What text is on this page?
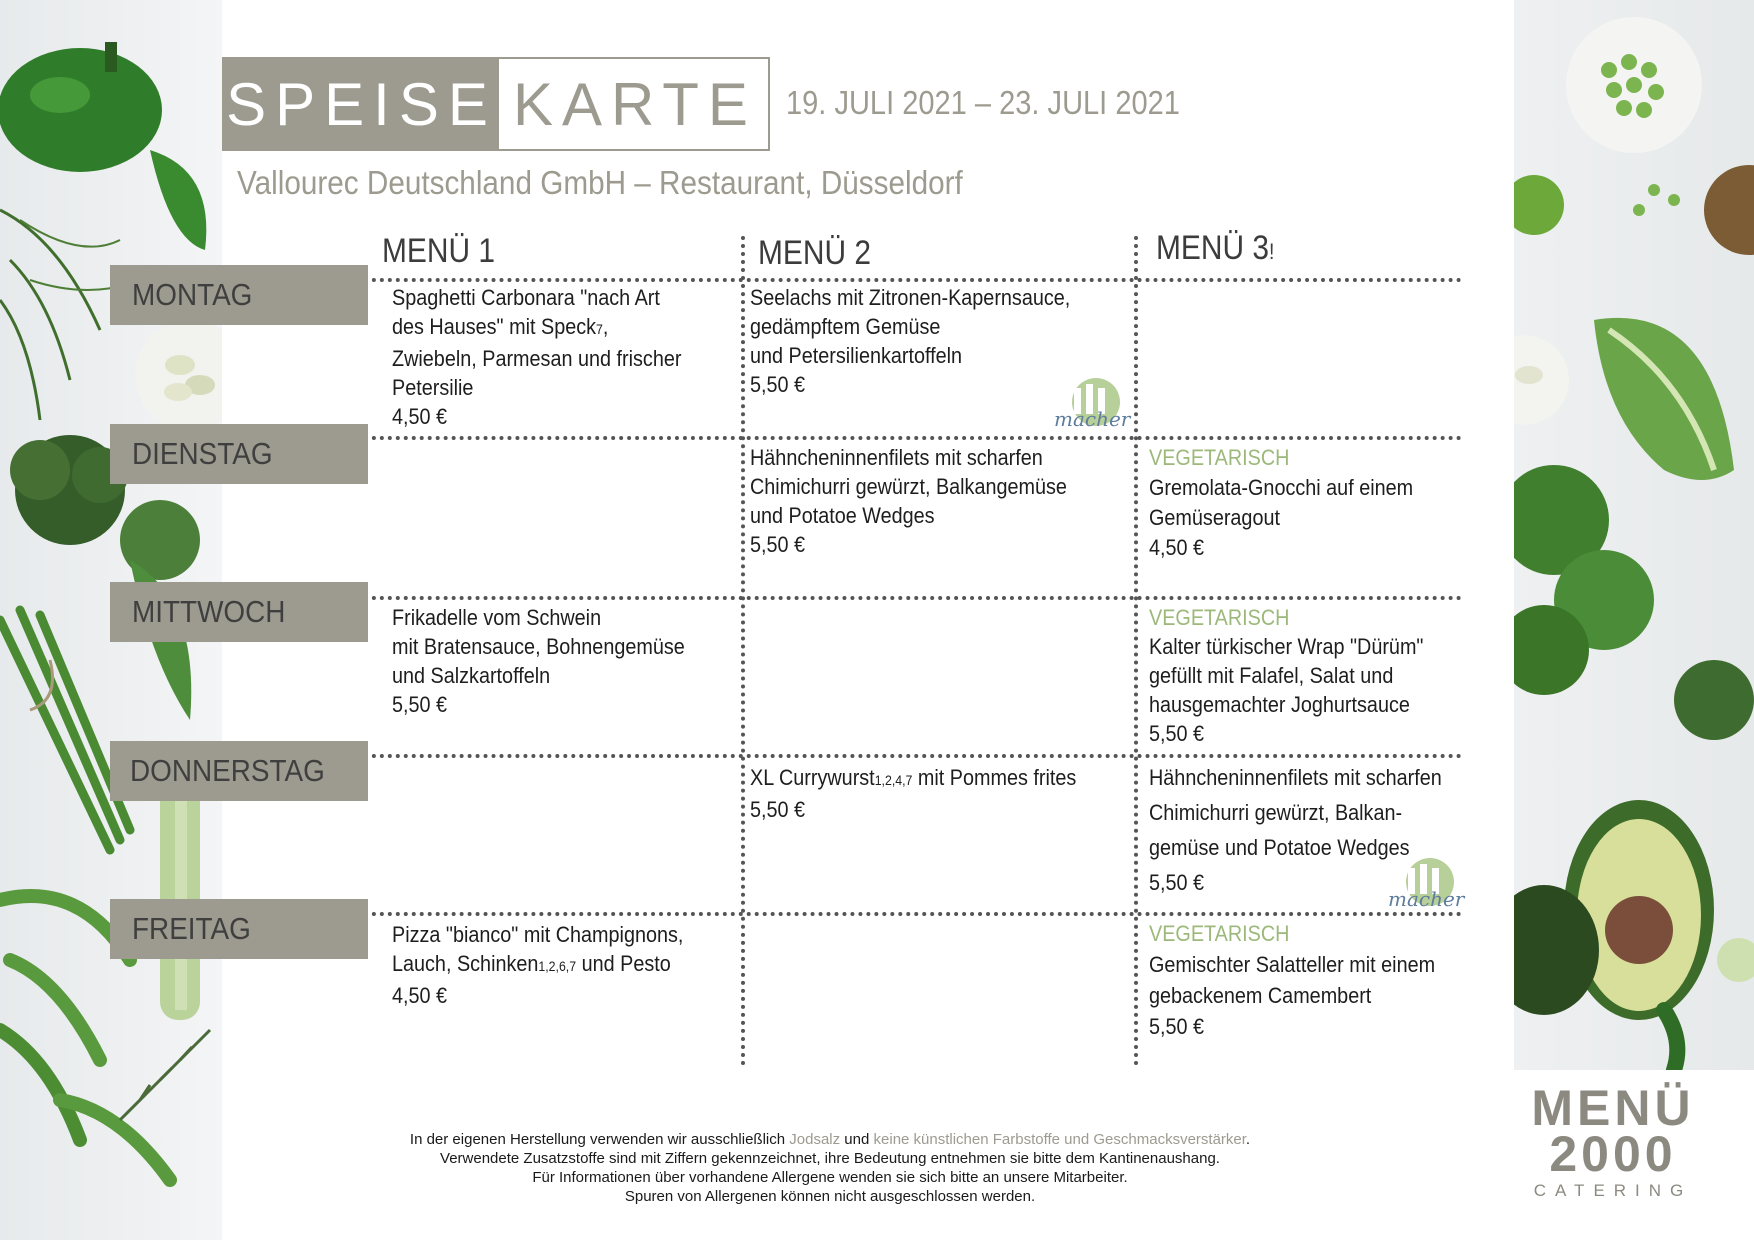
SPEISE KARTE 19. JULI 2021 – 23. JULI 2021
Vallourec Deutschland GmbH – Restaurant, Düsseldorf
MENÜ 1	MENÜ 2	MENÜ 3!
MONTAG
DIENSTAG
MITTWOCH
DONNERSTAG
FREITAG
Spaghetti Carbonara "nach Art
des Hauses" mit Speck7,
Zwiebeln, Parmesan und frischer
Petersilie
4,50 €
Seelachs mit Zitronen-Kapernsauce,
gedämpftem Gemüse
und Petersilienkartoffeln
5,50 €
macher
Hähncheninnenfilets mit scharfen
Chimichurri gewürzt, Balkangemüse
und Potatoe Wedges
5,50 €
VEGETARISCH
Gremolata-Gnocchi auf einem
Gemüseragout
4,50 €
Frikadelle vom Schwein
mit Bratensauce, Bohnengemüse
und Salzkartoffeln
5,50 €
VEGETARISCH
Kalter türkischer Wrap "Dürüm"
gefüllt mit Falafel, Salat und
hausgemachter Joghurtsauce
5,50 €
XL Currywurst1,2,4,7 mit Pommes frites
5,50 €
Hähncheninnenfilets mit scharfen
Chimichurri gewürzt, Balkan-
gemüse und Potatoe Wedges
5,50 €
macher
Pizza "bianco" mit Champignons,
Lauch, Schinken1,2,6,7 und Pesto
4,50 €
VEGETARISCH
Gemischter Salatteller mit einem
gebackenem Camembert
5,50 €
In der eigenen Herstellung verwenden wir ausschließlich Jodsalz und keine künstlichen Farbstoffe und Geschmacksverstärker.
Verwendete Zusatzstoffe sind mit Ziffern gekennzeichnet, ihre Bedeutung entnehmen sie bitte dem Kantinenaushang.
Für Informationen über vorhandene Allergene wenden sie sich bitte an unsere Mitarbeiter.
Spuren von Allergenen können nicht ausgeschlossen werden.
MENÜ
2000
CATERING
